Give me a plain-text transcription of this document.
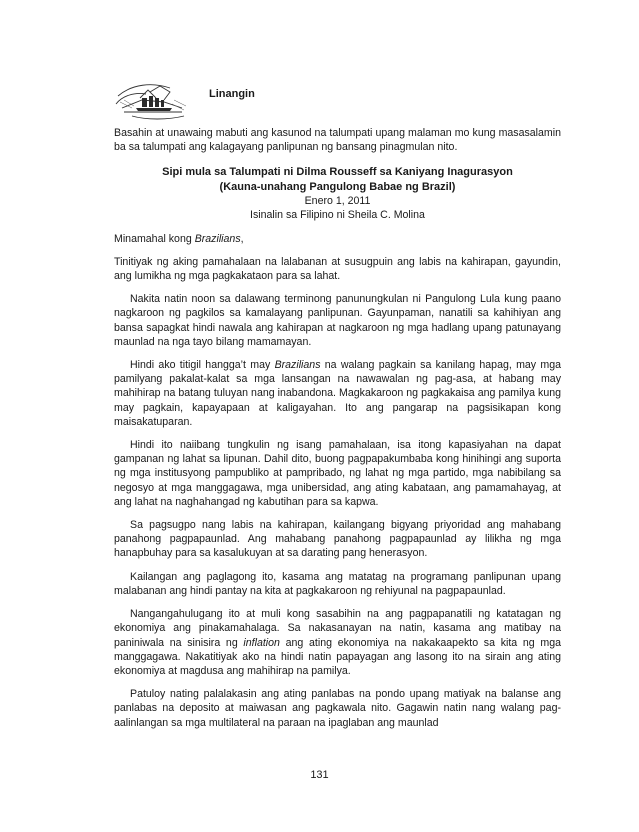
Linangin

Basahin at unawaing mabuti ang kasunod na talumpati upang malaman mo kung masasalamin ba sa talumpati ang kalagayang panlipunan ng bansang pinagmulan nito.

Sipi mula sa Talumpati ni Dilma Rousseff sa Kaniyang Inagurasyon
(Kauna-unahang Pangulong Babae ng Brazil)
Enero 1, 2011
Isinalin sa Filipino ni Sheila C. Molina

Minamahal kong Brazilians,

Tinitiyak ng aking pamahalaan na lalabanan at susugpuin ang labis na kahirapan, gayundin, ang lumikha ng mga pagkakataon para sa lahat.

Nakita natin noon sa dalawang terminong panunungkulan ni Pangulong Lula kung paano nagkaroon ng pagkilos sa kamalayang panlipunan. Gayunpaman, nanatili sa kahihiyan ang bansa sapagkat hindi nawala ang kahirapan at nagkaroon ng mga hadlang upang patunayang maunlad na nga tayo bilang mamamayan.

Hindi ako titigil hangga’t may Brazilians na walang pagkain sa kanilang hapag, may mga pamilyang pakalat-kalat sa mga lansangan na nawawalan ng pag-asa, at habang may mahihirap na batang tuluyan nang inabandona. Magkakaroon ng pagkakaisa ang pamilya kung may pagkain, kapayapaan at kaligayahan. Ito ang pangarap na pagsisikapan kong maisakatuparan.

Hindi ito naiibang tungkulin ng isang pamahalaan, isa itong kapasiyahan na dapat gampanan ng lahat sa lipunan. Dahil dito, buong pagpapakumbaba kong hinihingi ang suporta ng mga institusyong pampubliko at pampribado, ng lahat ng mga partido, mga nabibilang sa negosyo at mga manggagawa, mga unibersidad, ang ating kabataan, ang pamamahayag, at ang lahat na naghahangad ng kabutihan para sa kapwa.

Sa pagsugpo nang labis na kahirapan, kailangang bigyang priyoridad ang mahabang panahong pagpapaunlad. Ang mahabang panahong pagpapaunlad ay lilikha ng mga hanapbuhay para sa kasalukuyan at sa darating pang henerasyon.

Kailangan ang paglagong ito, kasama ang matatag na programang panlipunan upang malabanan ang hindi pantay na kita at pagkakaroon ng rehiyunal na pagpapaunlad.

Nangangahulugang ito at muli kong sasabihin na ang pagpapanatili ng katatagan ng ekonomiya ang pinakamahalaga. Sa nakasanayan na natin, kasama ang matibay na paniniwala na sinisira ng inflation ang ating ekonomiya na nakakaapekto sa kita ng mga manggagawa. Nakatitiyak ako na hindi natin papayagan ang lasong ito na sirain ang ating ekonomiya at magdusa ang mahihirap na pamilya.

Patuloy nating palalakasin ang ating panlabas na pondo upang matiyak na balanse ang panlabas na deposito at maiwasan ang pagkawala nito. Gagawin natin nang walang pag-aalinlangan sa mga multilateral na paraan na ipaglaban ang maunlad

131
